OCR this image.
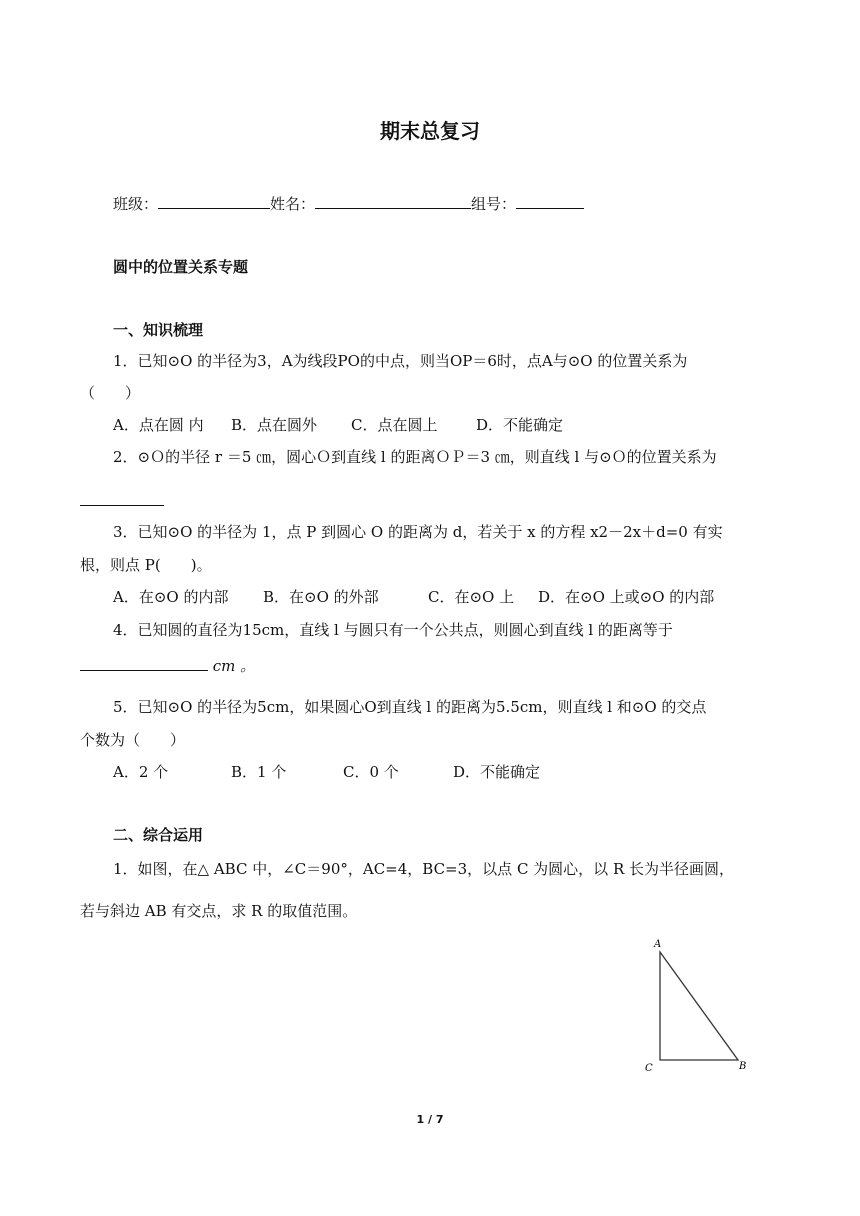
期末总复习
班级：	姓名：	组号：
圆中的位置关系专题
一、知识梳理
1．已知⊙O 的半径为3，A为线段PO的中点，则当OP＝6时，点A与⊙O 的位置关系为
（　　）
A．点在圆 内 B．点在圆外 C．点在圆上	D．不能确定
2．⊙Ｏ的半径 r ＝5 ㎝，圆心Ｏ到直线 l 的距离ＯＰ＝3 ㎝，则直线 l 与⊙Ｏ的位置关系为
3．已知⊙O 的半径为 1，点 P 到圆心 O 的距离为 d，若关于 x 的方程 x2－2x＋d=0 有实
根，则点 P(　　)。
A．在⊙O 的内部 B．在⊙O 的外部	C．在⊙O 上 D．在⊙O 上或⊙O 的内部
4．已知圆的直径为15cm，直线 l 与圆只有一个公共点，则圆心到直线 l 的距离等于
cm 。
5．已知⊙O 的半径为5cm，如果圆心O到直线 l 的距离为5.5cm，则直线 l 和⊙O 的交点
个数为（　　）
A．2 个	B．1 个	C．0 个	D．不能确定
二、综合运用
1．如图，在△ ABC 中，∠C＝90°，AC=4，BC=3，以点 C 为圆心，以 R 长为半径画圆，
若与斜边 AB 有交点，求 R 的取值范围。
A
C	B
1 / 7
